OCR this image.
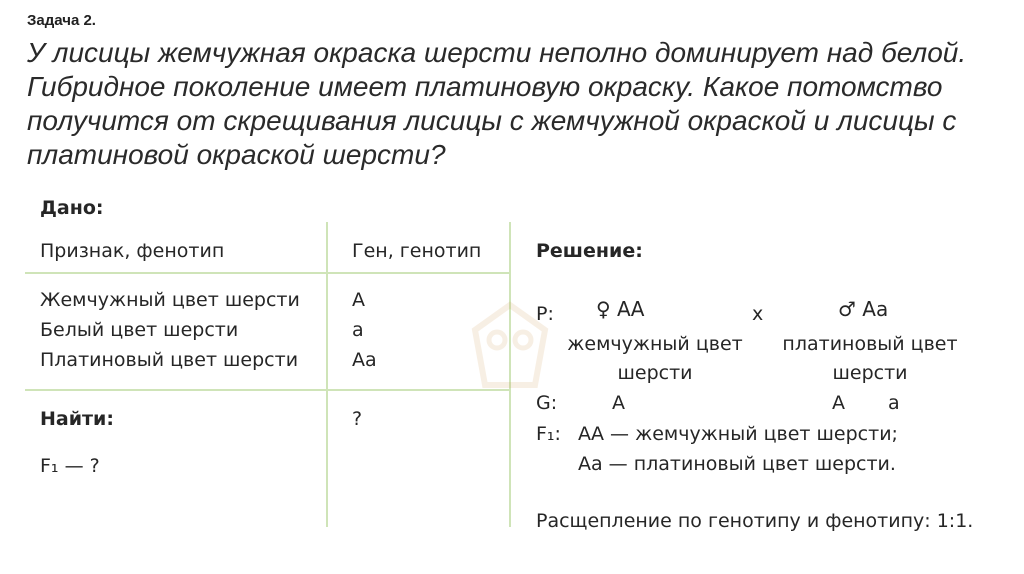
Задача 2.

У лисицы жемчужная окраска шерсти неполно доминирует над белой. Гибридное поколение имеет платиновую окраску. Какое потомство получится от скрещивания лисицы с жемчужной окраской и лисицы с платиновой окраской шерсти?

Дано:
Признак, фенотип	Ген, генотип
Жемчужный цвет шерсти	А
Белый цвет шерсти	а
Платиновый цвет шерсти	Аа
Найти:	?
F₁ — ?
Решение:
P: ♀ АА	x	♂ Аа
жемчужный цвет
шерсти
платиновый цвет
шерсти
G:	А	А а
F₁: АА — жемчужный цвет шерсти;
Аа — платиновый цвет шерсти.
Расщепление по генотипу и фенотипу: 1:1.
